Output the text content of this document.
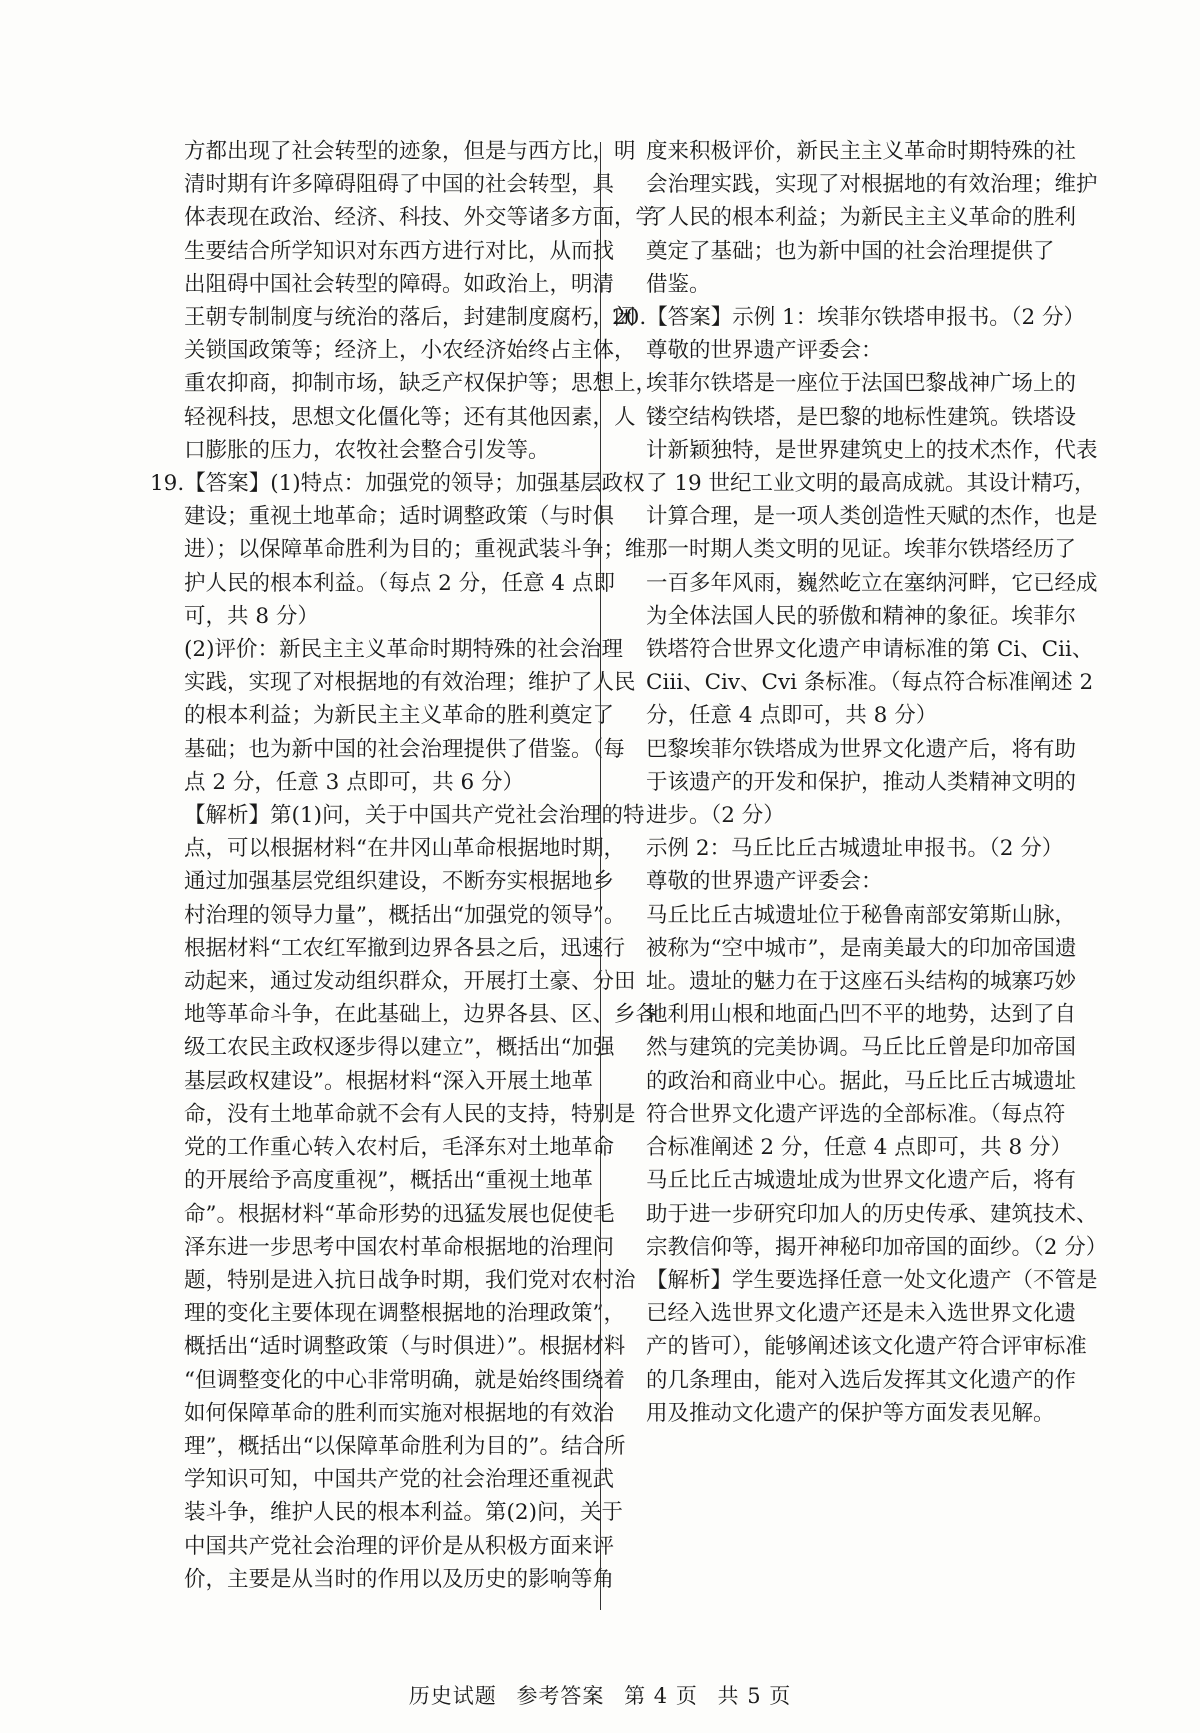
方都出现了社会转型的迹象，但是与西方比，明
清时期有许多障碍阻碍了中国的社会转型，具
体表现在政治、经济、科技、外交等诸多方面，学
生要结合所学知识对东西方进行对比，从而找
出阻碍中国社会转型的障碍。如政治上，明清
王朝专制制度与统治的落后，封建制度腐朽，闭
关锁国政策等；经济上，小农经济始终占主体，
重农抑商，抑制市场，缺乏产权保护等；思想上，
轻视科技，思想文化僵化等；还有其他因素，人
口膨胀的压力，农牧社会整合引发等。
19.【答案】(1)特点：加强党的领导；加强基层政权
建设；重视土地革命；适时调整政策（与时俱
进）；以保障革命胜利为目的；重视武装斗争；维
护人民的根本利益。（每点 2 分，任意 4 点即
可，共 8 分）
(2)评价：新民主主义革命时期特殊的社会治理
实践，实现了对根据地的有效治理；维护了人民
的根本利益；为新民主主义革命的胜利奠定了
基础；也为新中国的社会治理提供了借鉴。（每
点 2 分，任意 3 点即可，共 6 分）
【解析】第(1)问，关于中国共产党社会治理的特
点，可以根据材料“在井冈山革命根据地时期，
通过加强基层党组织建设，不断夯实根据地乡
村治理的领导力量”，概括出“加强党的领导”。
根据材料“工农红军撤到边界各县之后，迅速行
动起来，通过发动组织群众，开展打土豪、分田
地等革命斗争，在此基础上，边界各县、区、乡各
级工农民主政权逐步得以建立”，概括出“加强
基层政权建设”。根据材料“深入开展土地革
命，没有土地革命就不会有人民的支持，特别是
党的工作重心转入农村后，毛泽东对土地革命
的开展给予高度重视”，概括出“重视土地革
命”。根据材料“革命形势的迅猛发展也促使毛
泽东进一步思考中国农村革命根据地的治理问
题，特别是进入抗日战争时期，我们党对农村治
理的变化主要体现在调整根据地的治理政策”，
概括出“适时调整政策（与时俱进）”。根据材料
“但调整变化的中心非常明确，就是始终围绕着
如何保障革命的胜利而实施对根据地的有效治
理”，概括出“以保障革命胜利为目的”。结合所
学知识可知，中国共产党的社会治理还重视武
装斗争，维护人民的根本利益。第(2)问，关于
中国共产党社会治理的评价是从积极方面来评
价，主要是从当时的作用以及历史的影响等角
度来积极评价，新民主主义革命时期特殊的社
会治理实践，实现了对根据地的有效治理；维护
了人民的根本利益；为新民主主义革命的胜利
奠定了基础；也为新中国的社会治理提供了
借鉴。
20.【答案】示例 1：埃菲尔铁塔申报书。（2 分）
尊敬的世界遗产评委会：
埃菲尔铁塔是一座位于法国巴黎战神广场上的
镂空结构铁塔，是巴黎的地标性建筑。铁塔设
计新颖独特，是世界建筑史上的技术杰作，代表
了 19 世纪工业文明的最高成就。其设计精巧，
计算合理，是一项人类创造性天赋的杰作，也是
那一时期人类文明的见证。埃菲尔铁塔经历了
一百多年风雨，巍然屹立在塞纳河畔，它已经成
为全体法国人民的骄傲和精神的象征。埃菲尔
铁塔符合世界文化遗产申请标准的第 Ci、Cii、
Ciii、Civ、Cvi 条标准。（每点符合标准阐述 2
分，任意 4 点即可，共 8 分）
巴黎埃菲尔铁塔成为世界文化遗产后，将有助
于该遗产的开发和保护，推动人类精神文明的
进步。（2 分）
示例 2：马丘比丘古城遗址申报书。（2 分）
尊敬的世界遗产评委会：
马丘比丘古城遗址位于秘鲁南部安第斯山脉，
被称为“空中城市”，是南美最大的印加帝国遗
址。遗址的魅力在于这座石头结构的城寨巧妙
地利用山根和地面凸凹不平的地势，达到了自
然与建筑的完美协调。马丘比丘曾是印加帝国
的政治和商业中心。据此，马丘比丘古城遗址
符合世界文化遗产评选的全部标准。（每点符
合标准阐述 2 分，任意 4 点即可，共 8 分）
马丘比丘古城遗址成为世界文化遗产后，将有
助于进一步研究印加人的历史传承、建筑技术、
宗教信仰等，揭开神秘印加帝国的面纱。（2 分）
【解析】学生要选择任意一处文化遗产（不管是
已经入选世界文化遗产还是未入选世界文化遗
产的皆可），能够阐述该文化遗产符合评审标准
的几条理由，能对入选后发挥其文化遗产的作
用及推动文化遗产的保护等方面发表见解。
历史试题 参考答案 第 4 页 共 5 页
